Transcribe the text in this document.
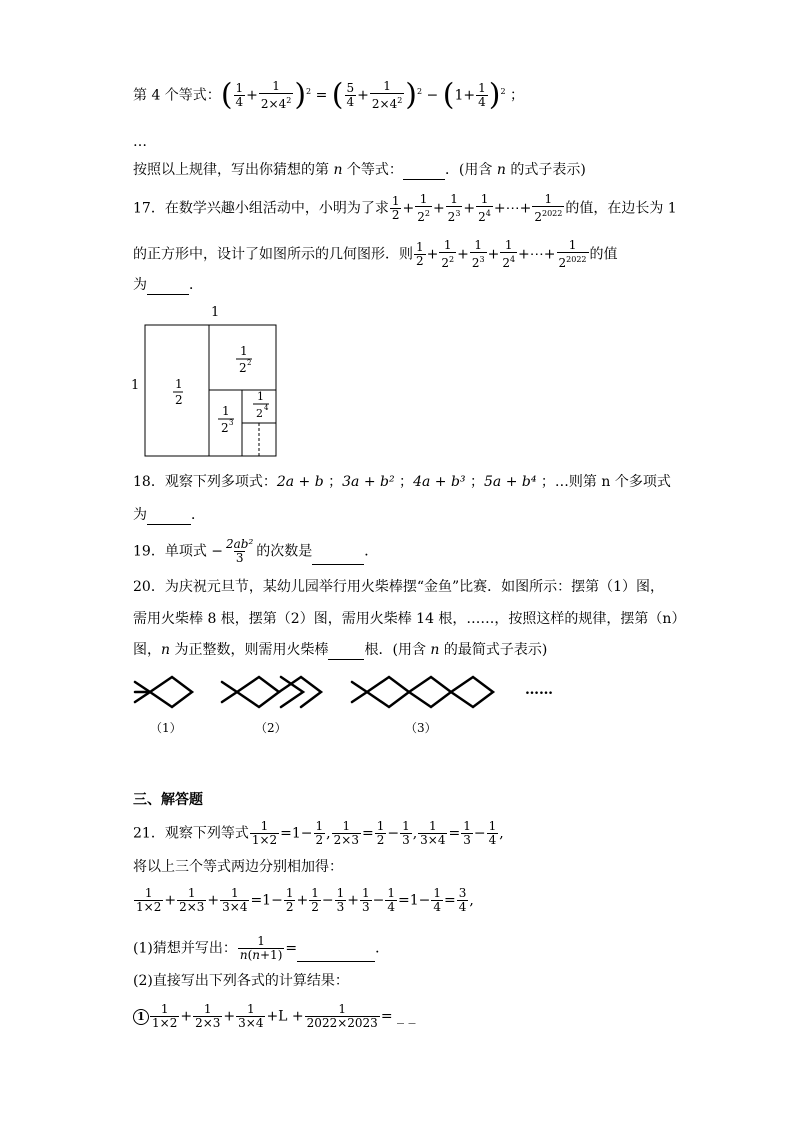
第 4 个等式：( $\frac{1}{4} + \frac{1}{2\times 4^2} )^2$ = ( $\frac{5}{4} + \frac{1}{2\times 4^2} )^2 - (1+ \frac{1}{4} )^2$ ；
…
按照以上规律，写出你猜想的第 n 个等式：	．(用含 n 的式子表示)
17．在数学兴趣小组活动中，小明为了求 $\frac{1}{2} + \frac{1}{2^2} + \frac{1}{2^3} + \frac{1}{2^4}$ +⋯+ $\frac{1}{2^{2022}}$ 的值，在边长为 1
的正方形中，设计了如图所示的几何图形．则 $\frac{1}{2} + \frac{1}{2^2} + \frac{1}{2^3} + \frac{1}{2^4}$ +⋯+ $\frac{1}{2^{2022}}$ 的值
为	．
1
1	1
2
1
2 2
1
2 3
1
2 4
18．观察下列多项式：2a + b ；3a + b² ；4a + b³ ；5a + b⁴ ；…则第 n 个多项式
为	．
19．单项式 − $\frac{\text{2ab²}}{3}$ 的次数是	．
20．为庆祝元旦节，某幼儿园举行用火柴棒摆“金鱼”比赛．如图所示：摆第（1）图，
需用火柴棒 8 根，摆第（2）图，需用火柴棒 14 根，……，按照这样的规律，摆第（n）
图，n 为正整数，则需用火柴棒	根．(用含 n 的最简式子表示)
（1）	（2）	（3）
……
三、解答题
21．观察下列等式 $\frac{1}{1\times 2} =1- \frac{1}{2}$ , $\frac{1}{2\times 3} = \frac{1}{2} - \frac{1}{3}$ , $\frac{1}{3\times 4} = \frac{1}{3} - \frac{1}{4}$ ,
将以上三个等式两边分别相加得：
$\frac{1}{1\times 2} + \frac{1}{2\times 3} + \frac{1}{3\times 4} =1- \frac{1}{2} + \frac{1}{2} - \frac{1}{3} + \frac{1}{3} - \frac{1}{4} =1- \frac{1}{4} = \frac{3}{4}$ ,
(1)猜想并写出： $\frac{1}{n(n+1)}$ =	．
(2)直接写出下列各式的计算结果：
$1 \frac{1}{1\times 2} + \frac{1}{2\times 3} + \frac{1}{3\times 4} +L + \frac{1}{2022\times 2023}$ = _ _
